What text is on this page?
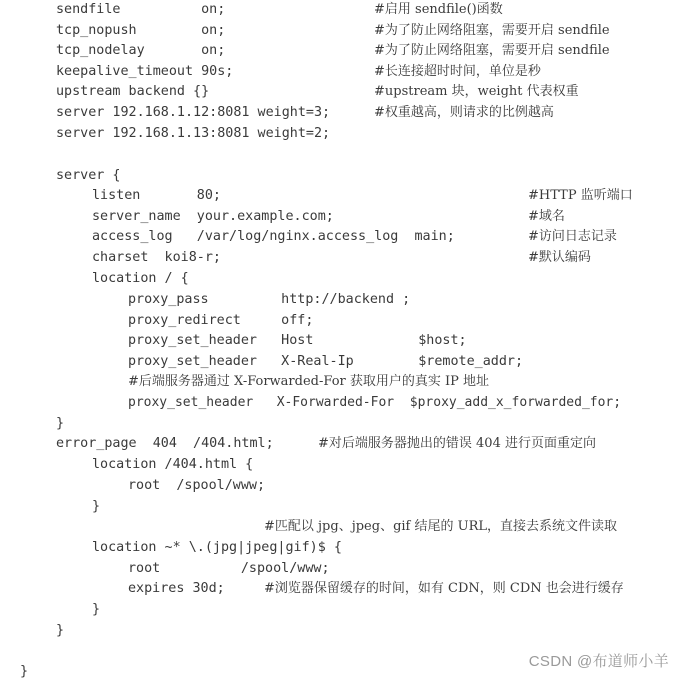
sendfile          on;	#启用 sendfile()函数
tcp_nopush        on;	#为了防止网络阻塞，需要开启 sendfile
tcp_nodelay       on;	#为了防止网络阻塞，需要开启 sendfile
keepalive_timeout 90s;	#长连接超时时间，单位是秒
upstream backend {}	#upstream 块，weight 代表权重
server 192.168.1.12:8081 weight=3;	#权重越高，则请求的比例越高
server 192.168.1.13:8081 weight=2;
server {
listen       80;	#HTTP 监听端口
server_name  your.example.com;	#域名
access_log   /var/log/nginx.access_log  main;	#访问日志记录
charset  koi8-r;	#默认编码
location / {
proxy_pass         http://backend ;
proxy_redirect     off;
proxy_set_header   Host             $host;
proxy_set_header   X-Real-Ip        $remote_addr;
#后端服务器通过 X-Forwarded-For 获取用户的真实 IP 地址
proxy_set_header   X-Forwarded-For  $proxy_add_x_forwarded_for;
}
error_page  404  /404.html;	#对后端服务器抛出的错误 404 进行页面重定向
location /404.html {
root  /spool/www;
}
#匹配以 jpg、jpeg、gif 结尾的 URL，直接去系统文件读取
location ~* \.(jpg|jpeg|gif)$ {
root          /spool/www;
expires 30d;	#浏览器保留缓存的时间，如有 CDN，则 CDN 也会进行缓存
}
}
}
CSDN @布道师小羊
